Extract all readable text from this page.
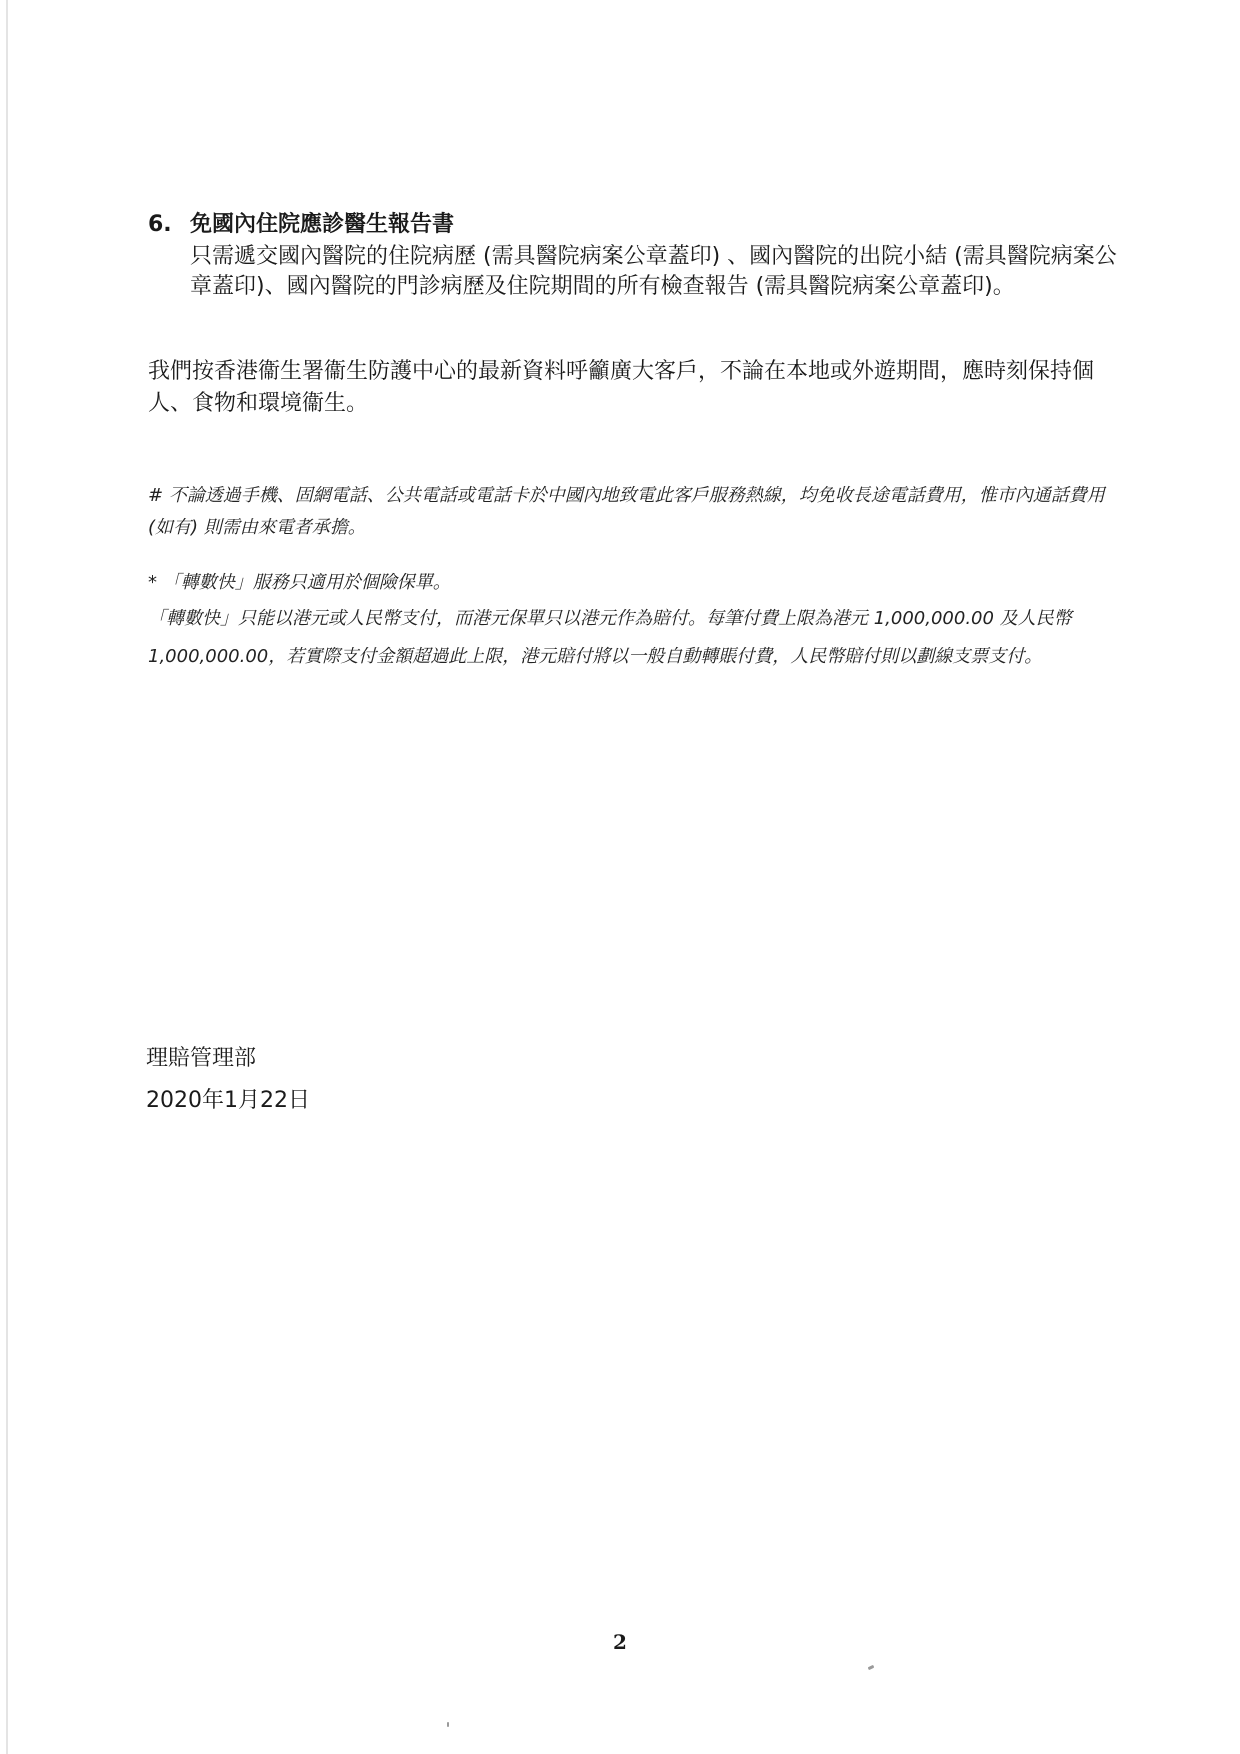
6. 免國內住院應診醫生報告書
只需遞交國內醫院的住院病歷 (需具醫院病案公章蓋印) 、國內醫院的出院小結 (需具醫院病案公章蓋印)、國內醫院的門診病歷及住院期間的所有檢查報告 (需具醫院病案公章蓋印)。
我們按香港衞生署衞生防護中心的最新資料呼籲廣大客戶，不論在本地或外遊期間，應時刻保持個人、食物和環境衞生。
# 不論透過手機、固網電話、公共電話或電話卡於中國內地致電此客戶服務熱線，均免收長途電話費用，惟市內通話費用 (如有) 則需由來電者承擔。
* 「轉數快」服務只適用於個險保單。
「轉數快」只能以港元或人民幣支付，而港元保單只以港元作為賠付。每筆付費上限為港元 1,000,000.00 及人民幣 1,000,000.00，若實際支付金額超過此上限，港元賠付將以一般自動轉賬付費，人民幣賠付則以劃線支票支付。
理賠管理部
2020年1月22日
2
